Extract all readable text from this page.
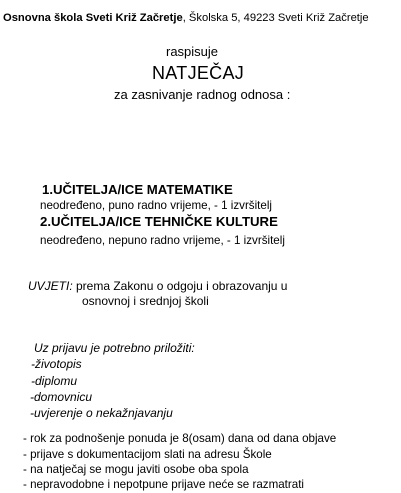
Osnovna škola Sveti Križ Začretje, Školska 5, 49223 Sveti Križ Začretje
raspisuje
NATJEČAJ
za zasnivanje radnog odnosa :
1.UČITELJA/ICE MATEMATIKE
neodređeno, puno radno vrijeme, - 1 izvršitelj
2.UČITELJA/ICE TEHNIČKE KULTURE
neodređeno, nepuno radno vrijeme, - 1 izvršitelj
UVJETI: prema Zakonu o odgoju i obrazovanju u
osnovnoj i srednjoj školi
Uz prijavu je potrebno priložiti:
-životopis
-diplomu
-domovnicu
-uvjerenje o nekažnjavanju
- rok za podnošenje ponuda je 8(osam) dana od dana objave
- prijave s dokumentacijom slati na adresu Škole
- na natječaj se mogu javiti osobe oba spola
- nepravodobne i nepotpune prijave neće se razmatrati
